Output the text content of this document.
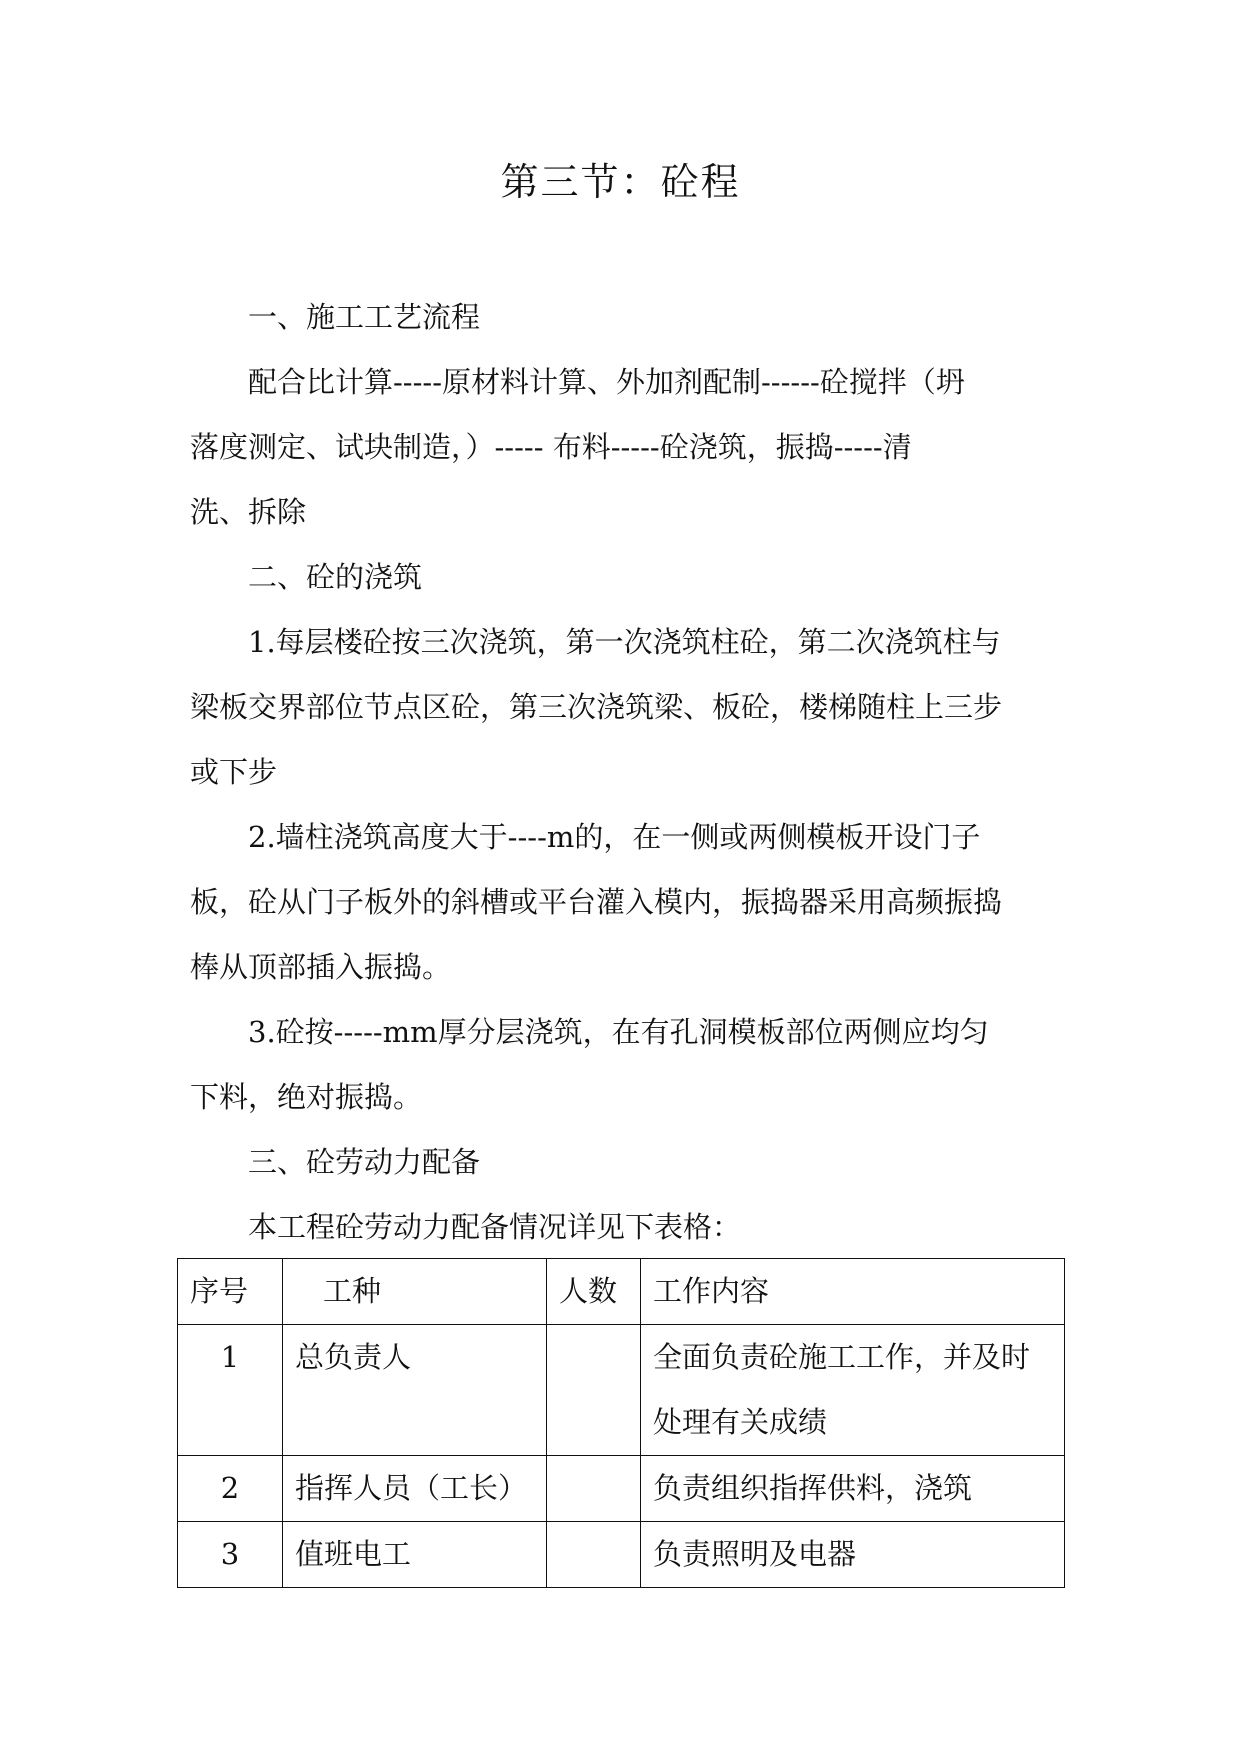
第三节：砼程

一、施工工艺流程

配合比计算-----原材料计算、外加剂配制------砼搅拌（坍
落度测定、试块制造，）----- 布料-----砼浇筑，振捣-----清
洗、拆除

二、砼的浇筑

1.每层楼砼按三次浇筑，第一次浇筑柱砼，第二次浇筑柱与
梁板交界部位节点区砼，第三次浇筑梁、板砼，楼梯随柱上三步
或下步

2.墙柱浇筑高度大于----m的，在一侧或两侧模板开设门子
板，砼从门子板外的斜槽或平台灌入模内，振捣器采用高频振捣
棒从顶部插入振捣。

3.砼按-----mm厚分层浇筑，在有孔洞模板部位两侧应均匀
下料，绝对振捣。

三、砼劳动力配备

本工程砼劳动力配备情况详见下表格：

序号	工种	人数	工作内容
1	总负责人		全面负责砼施工工作，并及时
处理有关成绩

2	指挥人员（工长）		负责组织指挥供料，浇筑

3	值班电工		负责照明及电器
